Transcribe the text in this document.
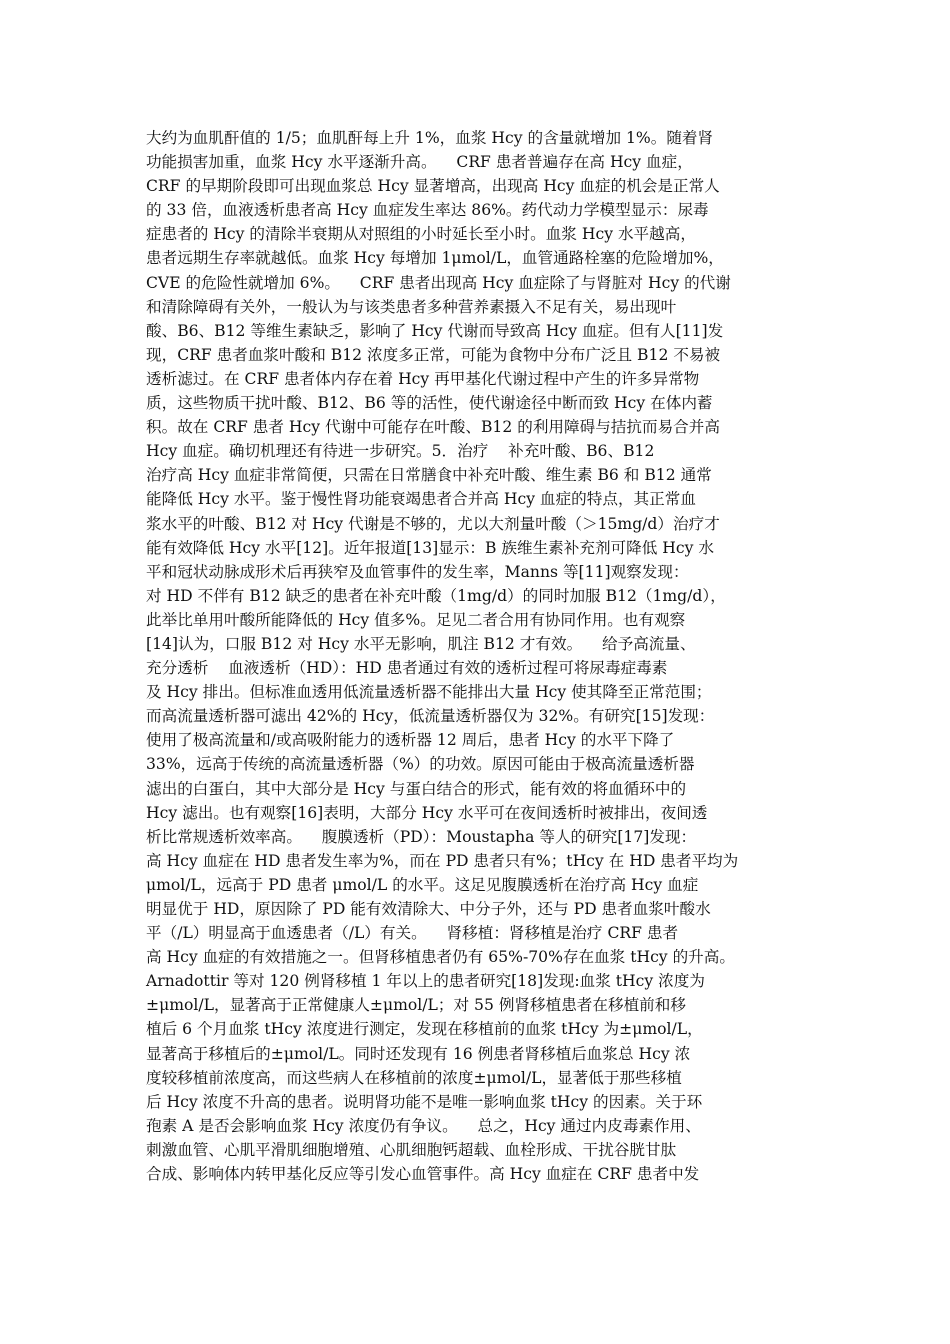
大约为血肌酐值的 1/5；血肌酐每上升 1%，血浆 Hcy 的含量就增加 1%。随着肾
功能损害加重，血浆 Hcy 水平逐渐升高。    CRF 患者普遍存在高 Hcy 血症，
CRF 的早期阶段即可出现血浆总 Hcy 显著增高，出现高 Hcy 血症的机会是正常人
的 33 倍，血液透析患者高 Hcy 血症发生率达 86%。药代动力学模型显示：尿毒
症患者的 Hcy 的清除半衰期从对照组的小时延长至小时。血浆 Hcy 水平越高，
患者远期生存率就越低。血浆 Hcy 每增加 1μmol/L，血管通路栓塞的危险增加%，
CVE 的危险性就增加 6%。    CRF 患者出现高 Hcy 血症除了与肾脏对 Hcy 的代谢
和清除障碍有关外，一般认为与该类患者多种营养素摄入不足有关，易出现叶
酸、B6、B12 等维生素缺乏，影响了 Hcy 代谢而导致高 Hcy 血症。但有人[11]发
现，CRF 患者血浆叶酸和 B12 浓度多正常，可能为食物中分布广泛且 B12 不易被
透析滤过。在 CRF 患者体内存在着 Hcy 再甲基化代谢过程中产生的许多异常物
质，这些物质干扰叶酸、B12、B6 等的活性，使代谢途径中断而致 Hcy 在体内蓄
积。故在 CRF 患者 Hcy 代谢中可能存在叶酸、B12 的利用障碍与拮抗而易合并高
Hcy 血症。确切机理还有待进一步研究。5．治疗    补充叶酸、B6、B12
治疗高 Hcy 血症非常简便，只需在日常膳食中补充叶酸、维生素 B6 和 B12 通常
能降低 Hcy 水平。鉴于慢性肾功能衰竭患者合并高 Hcy 血症的特点，其正常血
浆水平的叶酸、B12 对 Hcy 代谢是不够的，尤以大剂量叶酸（＞15mg/d）治疗才
能有效降低 Hcy 水平[12]。近年报道[13]显示：B 族维生素补充剂可降低 Hcy 水
平和冠状动脉成形术后再狭窄及血管事件的发生率，Manns 等[11]观察发现：
对 HD 不伴有 B12 缺乏的患者在补充叶酸（1mg/d）的同时加服 B12（1mg/d），
此举比单用叶酸所能降低的 Hcy 值多%。足见二者合用有协同作用。也有观察
[14]认为，口服 B12 对 Hcy 水平无影响，肌注 B12 才有效。    给予高流量、
充分透析    血液透析（HD）：HD 患者通过有效的透析过程可将尿毒症毒素
及 Hcy 排出。但标准血透用低流量透析器不能排出大量 Hcy 使其降至正常范围；
而高流量透析器可滤出 42%的 Hcy，低流量透析器仅为 32%。有研究[15]发现：
使用了极高流量和/或高吸附能力的透析器 12 周后，患者 Hcy 的水平下降了
33%，远高于传统的高流量透析器（%）的功效。原因可能由于极高流量透析器
滤出的白蛋白，其中大部分是 Hcy 与蛋白结合的形式，能有效的将血循环中的
Hcy 滤出。也有观察[16]表明，大部分 Hcy 水平可在夜间透析时被排出，夜间透
析比常规透析效率高。    腹膜透析（PD）：Moustapha 等人的研究[17]发现：
高 Hcy 血症在 HD 患者发生率为%，而在 PD 患者只有%；tHcy 在 HD 患者平均为
μmol/L，远高于 PD 患者 μmol/L 的水平。这足见腹膜透析在治疗高 Hcy 血症
明显优于 HD，原因除了 PD 能有效清除大、中分子外，还与 PD 患者血浆叶酸水
平（/L）明显高于血透患者（/L）有关。    肾移植：肾移植是治疗 CRF 患者
高 Hcy 血症的有效措施之一。但肾移植患者仍有 65%-70%存在血浆 tHcy 的升高。
Arnadottir 等对 120 例肾移植 1 年以上的患者研究[18]发现:血浆 tHcy 浓度为
±μmol/L，显著高于正常健康人±μmol/L；对 55 例肾移植患者在移植前和移
植后 6 个月血浆 tHcy 浓度进行测定，发现在移植前的血浆 tHcy 为±μmol/L，
显著高于移植后的±μmol/L。同时还发现有 16 例患者肾移植后血浆总 Hcy 浓
度较移植前浓度高，而这些病人在移植前的浓度±μmol/L，显著低于那些移植
后 Hcy 浓度不升高的患者。说明肾功能不是唯一影响血浆 tHcy 的因素。关于环
孢素 A 是否会影响血浆 Hcy 浓度仍有争议。    总之，Hcy 通过内皮毒素作用、
刺激血管、心肌平滑肌细胞增殖、心肌细胞钙超载、血栓形成、干扰谷胱甘肽
合成、影响体内转甲基化反应等引发心血管事件。高 Hcy 血症在 CRF 患者中发
